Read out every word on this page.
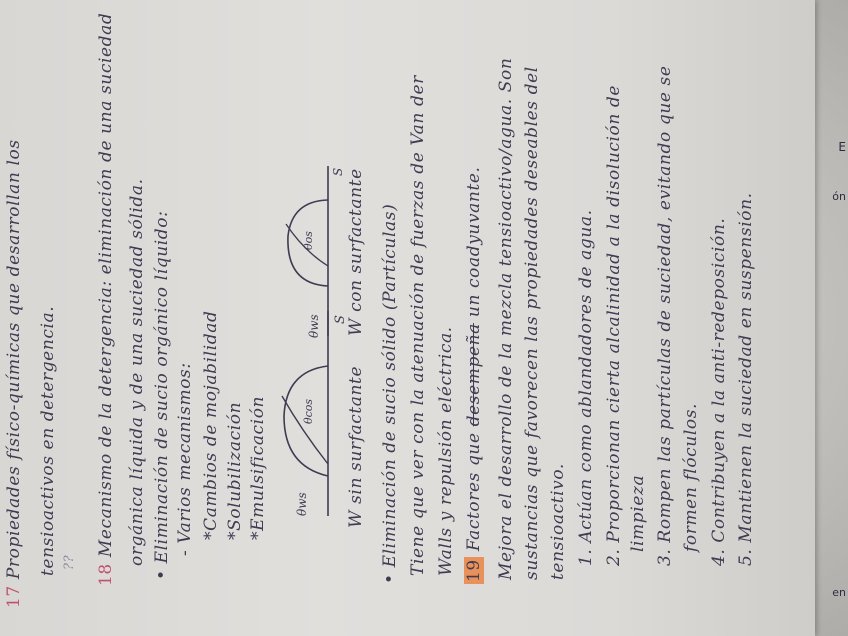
17 Propiedades físico-químicas que desarrollan los tensioactivos en detergencia. ??
18 Mecanismo de la detergencia: eliminación de una suciedad orgánica líquida y de una suciedad sólida. • Eliminación de sucio orgánico líquido: - Varios mecanismos: *Cambios de mojabilidad *Solubilización *Emulsificación θws
θcos
S
W sin surfactante
θws
θos
S W con surfactante • Eliminación de sucio sólido (Partículas) Tiene que ver con la atenuación de fuerzas de Van der Walls y repulsión eléctrica. 19 Factores que desempeña un coadyuvante. Mejora el desarrollo de la mezcla tensioactivo/agua. Son sustancias que favorecen las propiedades deseables del tensioactivo. 1. Actúan como ablandadores de agua. 2. Proporcionan cierta alcalinidad a la disolución de limpieza 3. Rompen las partículas de suciedad, evitando que se formen flóculos. 4. Contribuyen a la anti-redeposición. 5. Mantienen la suciedad en suspensión.
E
ón
en
